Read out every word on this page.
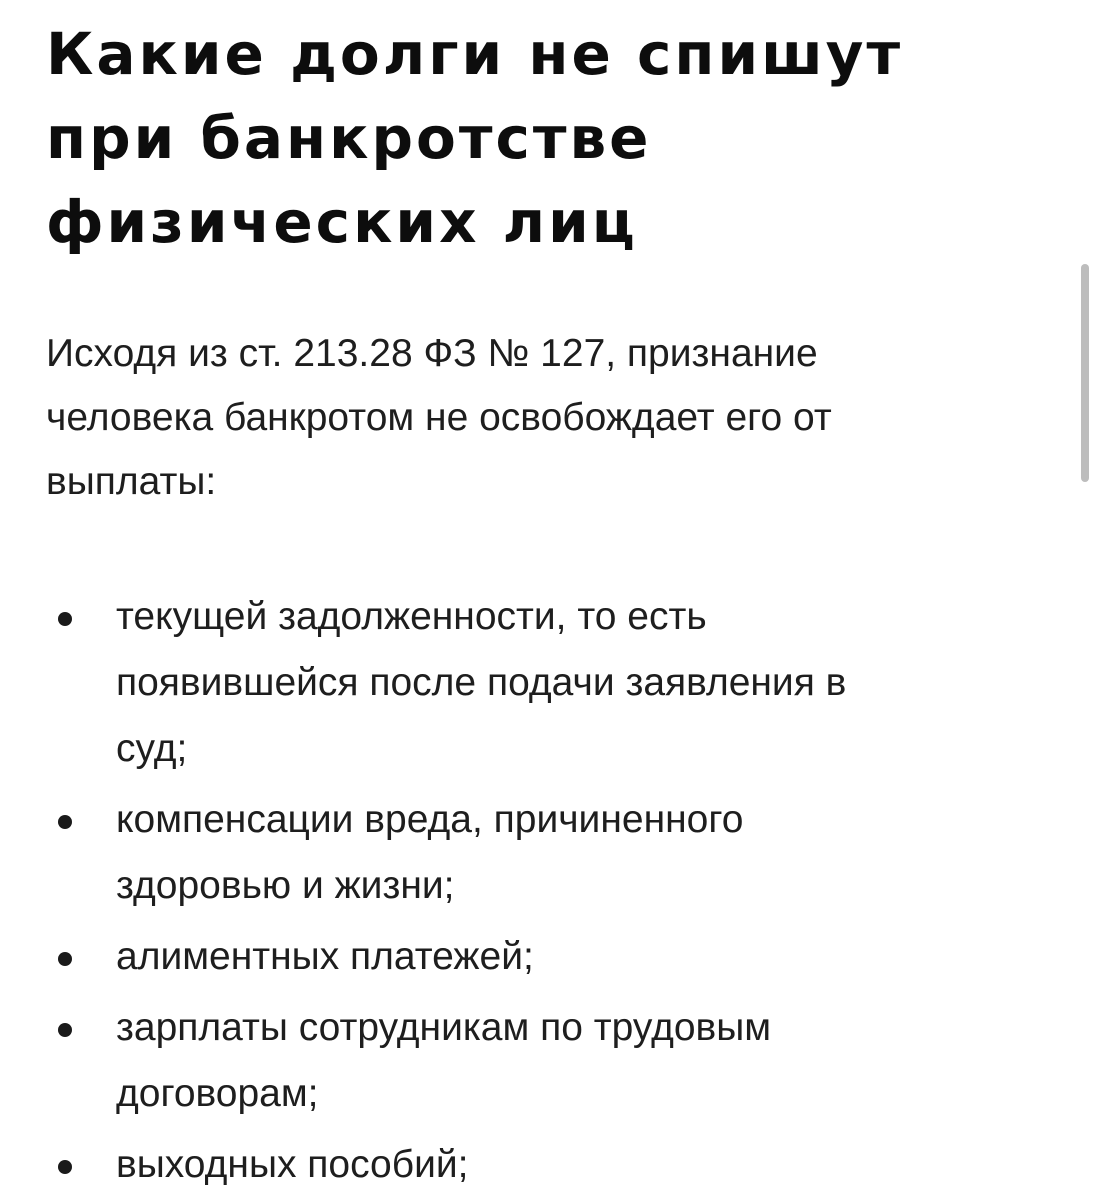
Какие долги не спишут
при банкротстве
физических лиц

Исходя из ст. 213.28 ФЗ № 127, признание
человека банкротом не освобождает его от
выплаты:

текущей задолженности, то есть
появившейся после подачи заявления в
суд;
компенсации вреда, причиненного
здоровью и жизни;
алиментных платежей;
зарплаты сотрудникам по трудовым
договорам;
выходных пособий;
